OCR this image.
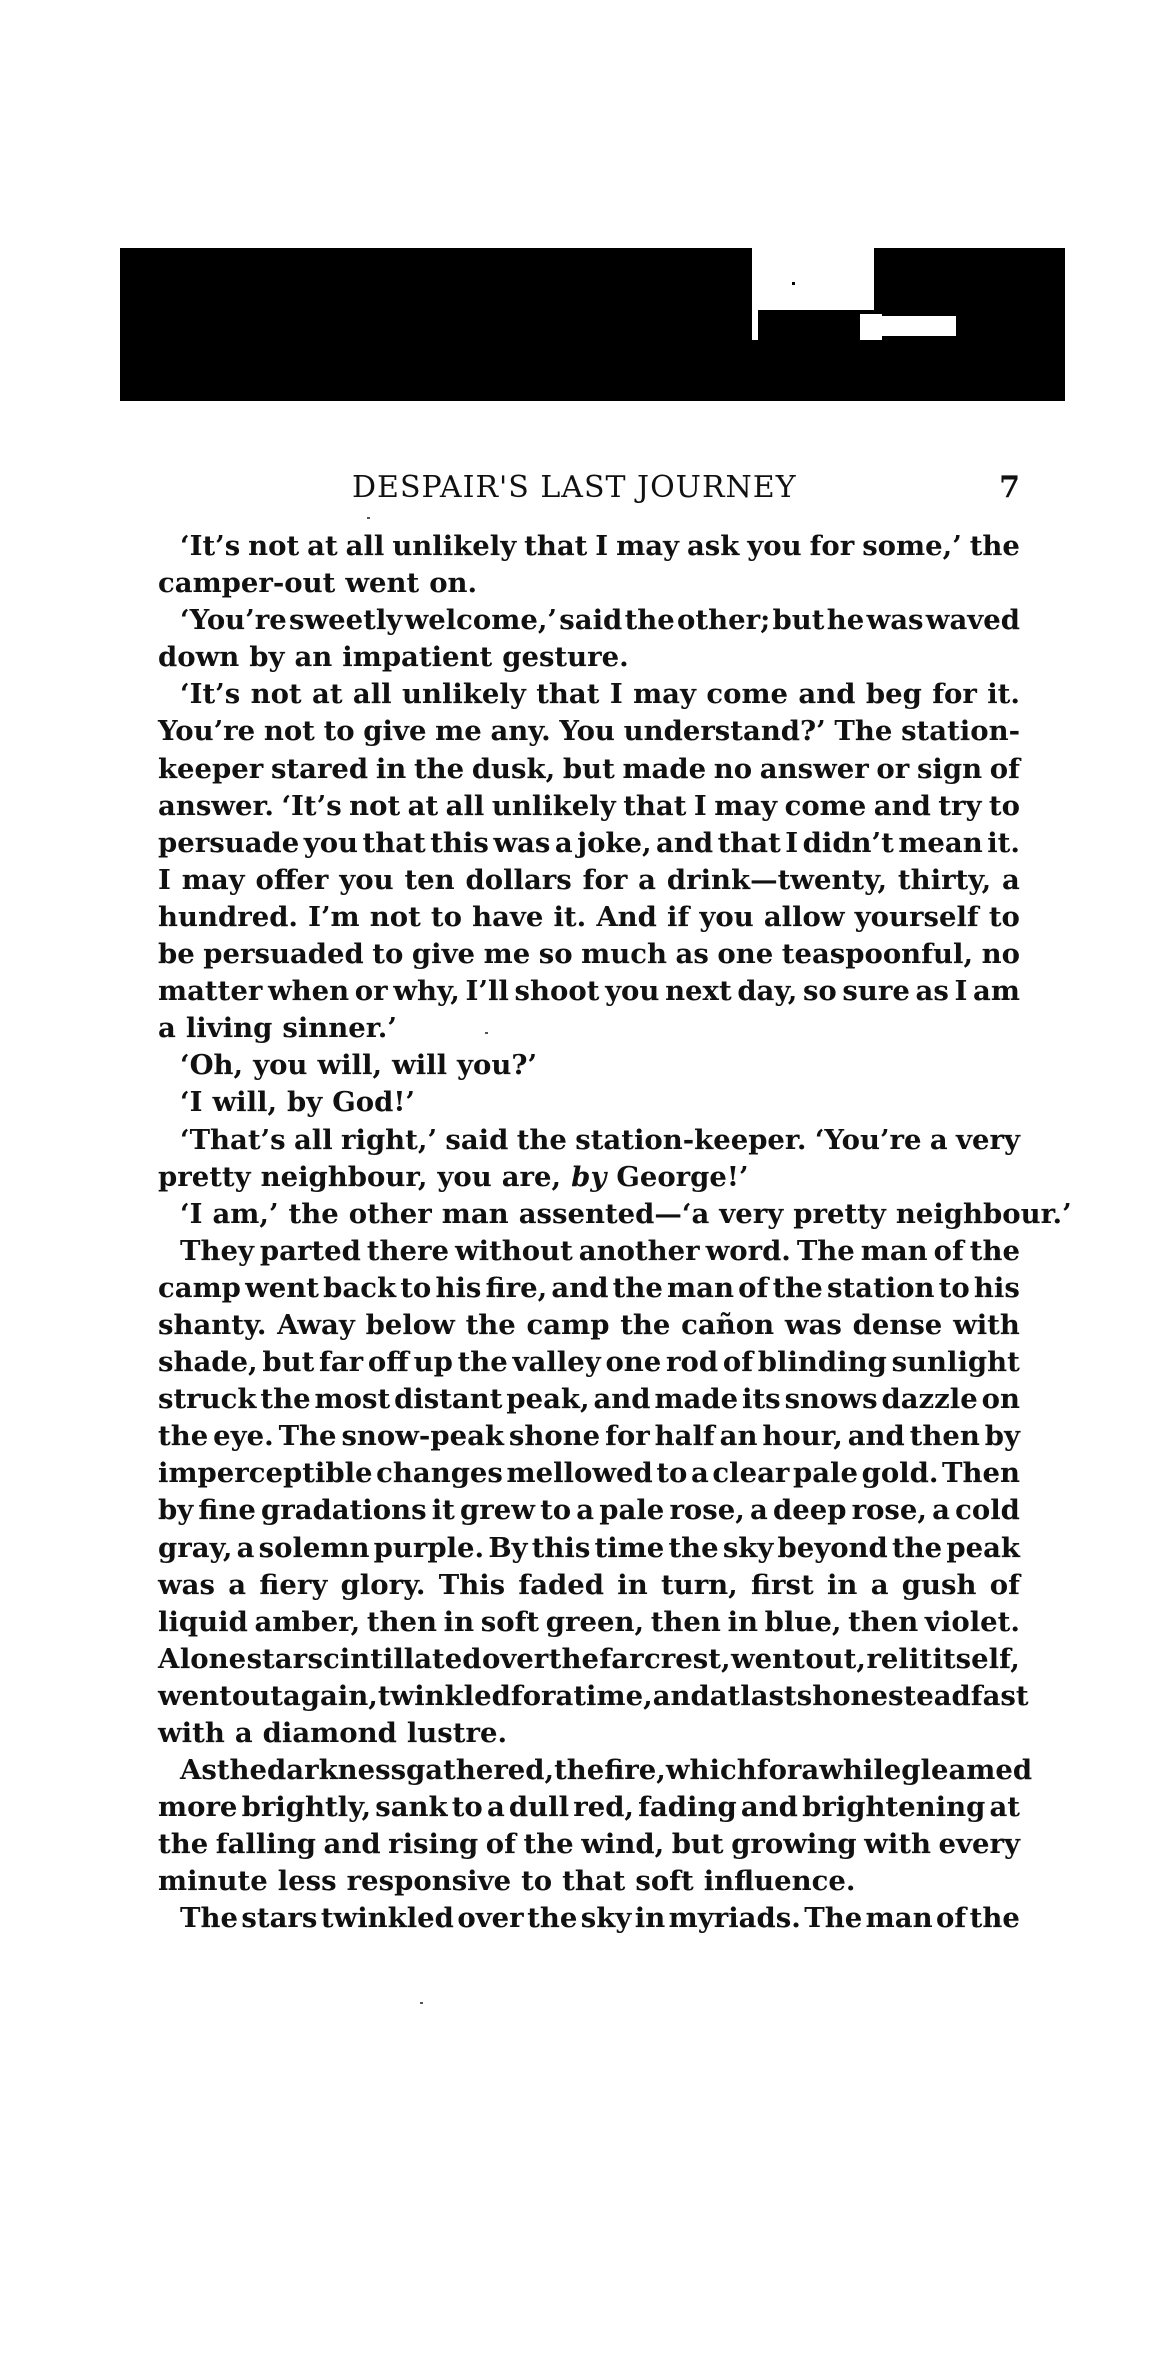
DESPAIR'S LAST JOURNEY	7
‘It’s not at all unlikely that I may ask you for some,’ the
camper-out went on.
‘You’re sweetly welcome,’ said the other; but he was waved
down by an impatient gesture.
‘It’s not at all unlikely that I may come and beg for it.
You’re not to give me any. You understand?’ The station-
keeper stared in the dusk, but made no answer or sign of
answer. ‘It’s not at all unlikely that I may come and try to
persuade you that this was a joke, and that I didn’t mean it.
I may offer you ten dollars for a drink—twenty, thirty, a
hundred. I’m not to have it. And if you allow yourself to
be persuaded to give me so much as one teaspoonful, no
matter when or why, I’ll shoot you next day, so sure as I am
a living sinner.’
‘Oh, you will, will you?’
‘I will, by God!’
‘That’s all right,’ said the station-keeper. ‘You’re a very
pretty neighbour, you are, by George!’
‘I am,’ the other man assented—‘a very pretty neighbour.’
They parted there without another word. The man of the
camp went back to his fire, and the man of the station to his
shanty. Away below the camp the cañon was dense with
shade, but far off up the valley one rod of blinding sunlight
struck the most distant peak, and made its snows dazzle on
the eye. The snow-peak shone for half an hour, and then by
imperceptible changes mellowed to a clear pale gold. Then
by fine gradations it grew to a pale rose, a deep rose, a cold
gray, a solemn purple. By this time the sky beyond the peak
was a fiery glory. This faded in turn, first in a gush of
liquid amber, then in soft green, then in blue, then violet.
A lone star scintillated over the far crest, went out, relit itself,
went out again, twinkled for a time, and at last shone steadfast
with a diamond lustre.
As the darkness gathered, the fire, which for a while gleamed
more brightly, sank to a dull red, fading and brightening at
the falling and rising of the wind, but growing with every
minute less responsive to that soft influence.
The stars twinkled over the sky in myriads. The man of the
